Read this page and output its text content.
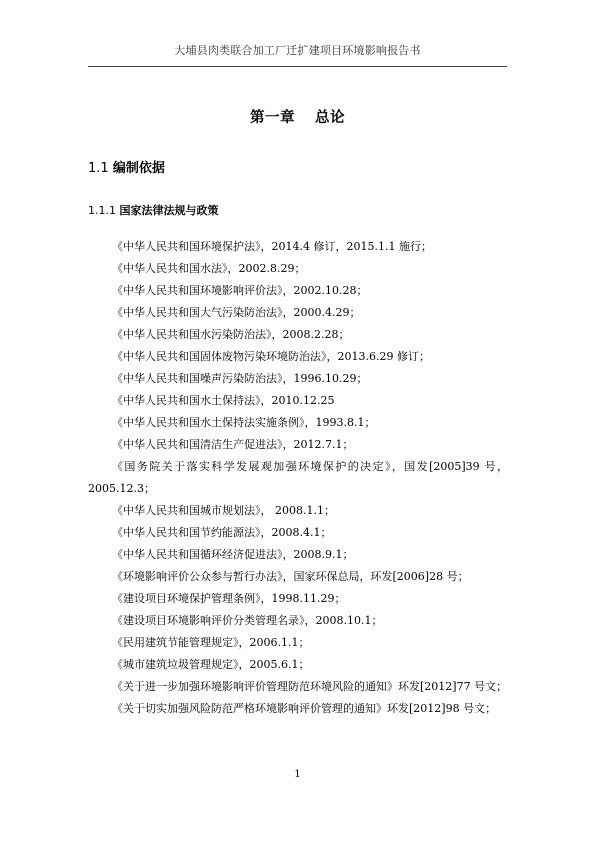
大埔县肉类联合加工厂迁扩建项目环境影响报告书
第一章 总论
1.1 编制依据
1.1.1 国家法律法规与政策
《中华人民共和国环境保护法》，2014.4 修订，2015.1.1 施行；
《中华人民共和国水法》，2002.8.29；
《中华人民共和国环境影响评价法》，2002.10.28；
《中华人民共和国大气污染防治法》，2000.4.29；
《中华人民共和国水污染防治法》，2008.2.28；
《中华人民共和国固体废物污染环境防治法》，2013.6.29 修订；
《中华人民共和国噪声污染防治法》，1996.10.29；
《中华人民共和国水土保持法》，2010.12.25
《中华人民共和国水土保持法实施条例》，1993.8.1；
《中华人民共和国清洁生产促进法》，2012.7.1；
《国务院关于落实科学发展观加强环境保护的决定》，国发[2005]39 号，2005.12.3；
《中华人民共和国城市规划法》， 2008.1.1；
《中华人民共和国节约能源法》，2008.4.1；
《中华人民共和国循环经济促进法》，2008.9.1；
《环境影响评价公众参与暂行办法》，国家环保总局，环发[2006]28 号；
《建设项目环境保护管理条例》，1998.11.29；
《建设项目环境影响评价分类管理名录》，2008.10.1；
《民用建筑节能管理规定》，2006.1.1；
《城市建筑垃圾管理规定》，2005.6.1；
《关于进一步加强环境影响评价管理防范环境风险的通知》环发[2012]77 号文；
《关于切实加强风险防范严格环境影响评价管理的通知》环发[2012]98 号文；
1
